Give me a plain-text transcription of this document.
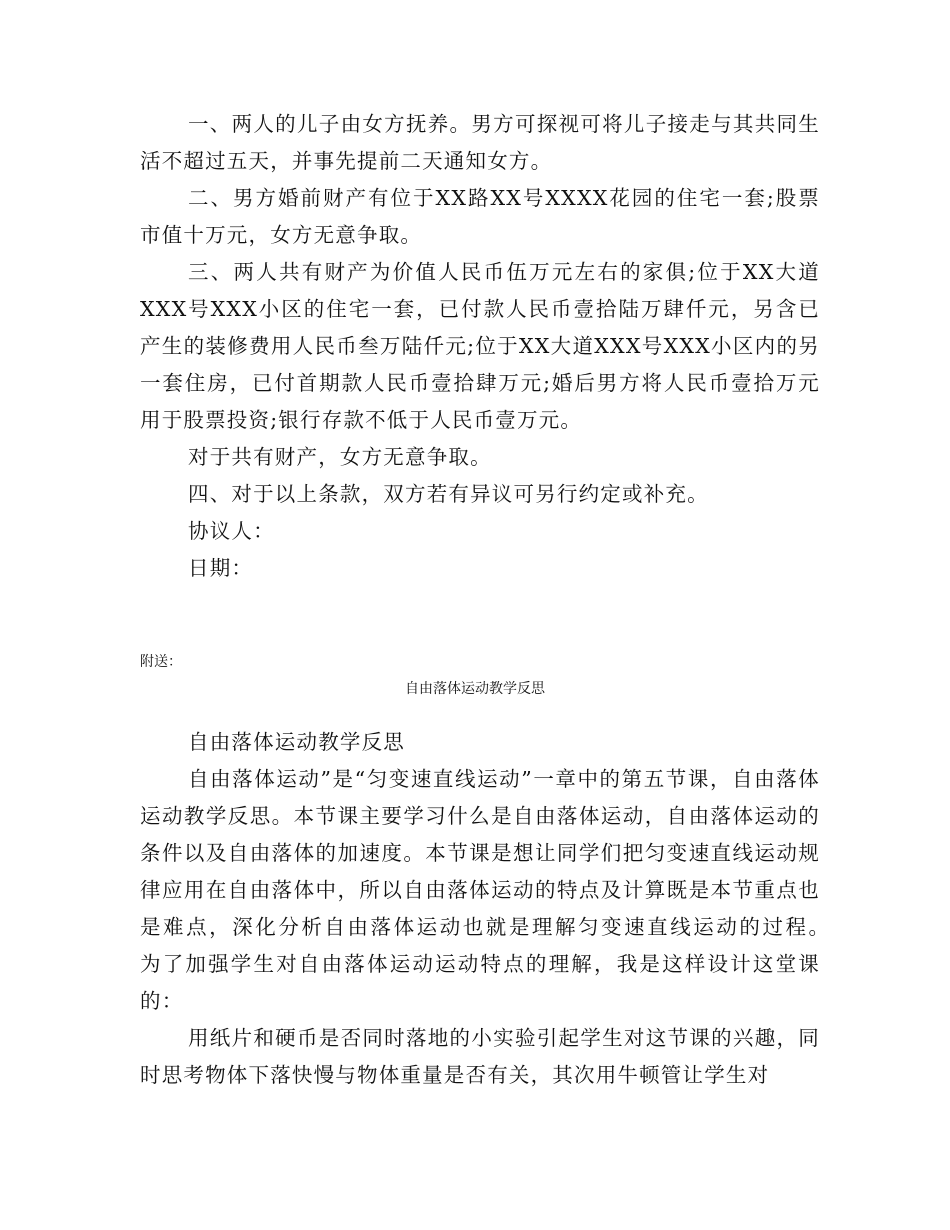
一、两人的儿子由女方抚养。男方可探视可将儿子接走与其共同生活不超过五天，并事先提前二天通知女方。

二、男方婚前财产有位于XX路XX号XXXX花园的住宅一套;股票市值十万元，女方无意争取。

三、两人共有财产为价值人民币伍万元左右的家俱;位于XX大道XXX号XXX小区的住宅一套，已付款人民币壹拾陆万肆仟元，另含已产生的装修费用人民币叁万陆仟元;位于XX大道XXX号XXX小区内的另一套住房，已付首期款人民币壹拾肆万元;婚后男方将人民币壹拾万元用于股票投资;银行存款不低于人民币壹万元。

对于共有财产，女方无意争取。

四、对于以上条款，双方若有异议可另行约定或补充。

协议人：

日期：

附送：
自由落体运动教学反思

自由落体运动教学反思

自由落体运动”是“匀变速直线运动”一章中的第五节课，自由落体运动教学反思。本节课主要学习什么是自由落体运动，自由落体运动的条件以及自由落体的加速度。本节课是想让同学们把匀变速直线运动规律应用在自由落体中，所以自由落体运动的特点及计算既是本节重点也是难点，深化分析自由落体运动也就是理解匀变速直线运动的过程。　为了加强学生对自由落体运动运动特点的理解，我是这样设计这堂课的：

用纸片和硬币是否同时落地的小实验引起学生对这节课的兴趣，同时思考物体下落快慢与物体重量是否有关，其次用牛顿管让学生对
